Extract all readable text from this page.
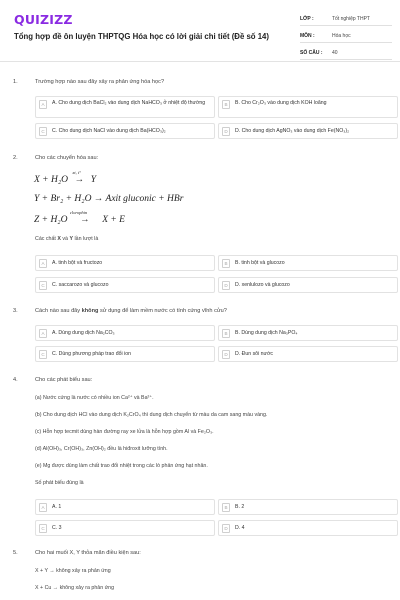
QUIZIZZ
Tổng hợp đề ôn luyện THPTQG Hóa học có lời giải chi tiết (Đề số 14)
LỚP :	Tốt nghiệp THPT
MÔN :	Hóa học
SỐ CÂU :	40
1.	Trường hợp nào sau đây xảy ra phản ứng hóa học?
A	A. Cho dung dịch BaCl₂ vào dung dịch NaHCO₃ ở nhiệt độ thường	B	B. Cho Cr₂O₃ vào dung dịch KOH loãng
C	C. Cho dung dịch NaCl vào dung dịch Ba(HCO₃)₂	D	D. Cho dung dịch AgNO₃ vào dung dịch Fe(NO₃)₂
2.	Cho các chuyển hóa sau:
X + H₂O
xt, t°
→ Y
Y + Br₂ + H₂O → Axit gluconic + HBr
Z + H₂O
clorophin
→ X + E
Các chất X và Y lần lượt là
A	A. tinh bột và fructozo	B	B. tinh bột và glucozo
C	C. saccarozo và glucozo	D	D. xenlulozo và glucozo
3.	Cách nào sau đây không sử dụng để làm mềm nước có tính cứng vĩnh cửu?
A	A. Dùng dung dịch Na₂CO₃	B	B. Dùng dung dịch Na₃PO₄
C	C. Dùng phương pháp trao đổi ion	D	D. Đun sôi nước
4.	Cho các phát biểu sau:
(a) Nước cứng là nước có nhiều ion Ca²⁺ và Ba²⁺.
(b) Cho dung dịch HCl vào dung dịch K₂CrO₄ thì dung dịch chuyển từ màu da cam sang màu vàng.
(c) Hỗn hợp tecmit dùng hàn đường ray xe lửa là hỗn hợp gồm Al và Fe₂O₃.
(d) Al(OH)₃, Cr(OH)₃, Zn(OH)₂ đều là hiđroxit lưỡng tính.
(e) Mg được dùng làm chất trao đổi nhiệt trong các lò phản ứng hạt nhân.
Số phát biểu đúng là
A	A. 1	B	B. 2
C	C. 3	D	D. 4
5.	Cho hai muối X, Y thỏa mãn điều kiện sau:
X + Y → không xảy ra phản ứng
X + Cu → không xảy ra phản ứng
